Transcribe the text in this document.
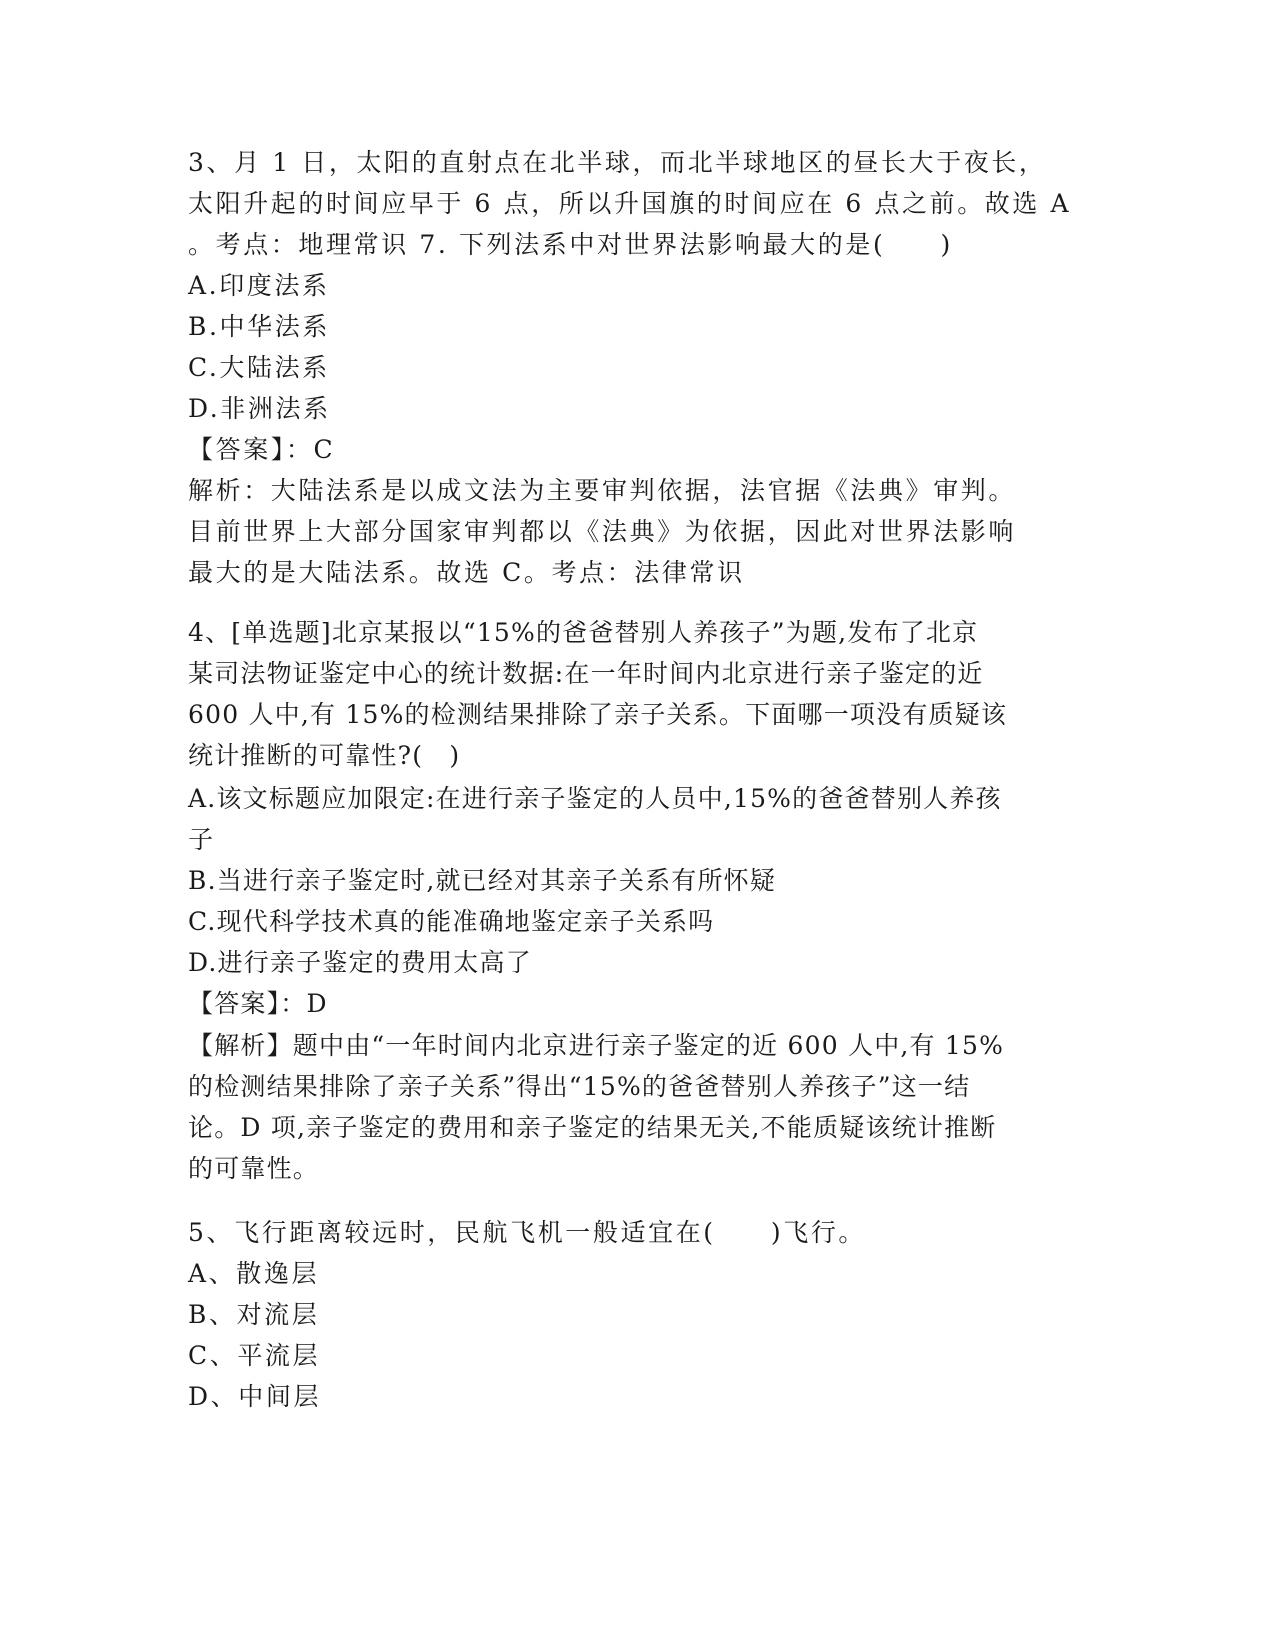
3、月 1 日，太阳的直射点在北半球，而北半球地区的昼长大于夜长，
太阳升起的时间应早于 6 点，所以升国旗的时间应在 6 点之前。故选 A
。考点：地理常识 7. 下列法系中对世界法影响最大的是(　　)
A.印度法系
B.中华法系
C.大陆法系
D.非洲法系
【答案】：C
解析：大陆法系是以成文法为主要审判依据，法官据《法典》审判。
目前世界上大部分国家审判都以《法典》为依据，因此对世界法影响
最大的是大陆法系。故选 C。考点：法律常识
4、[单选题]北京某报以“15%的爸爸替别人养孩子”为题,发布了北京
某司法物证鉴定中心的统计数据:在一年时间内北京进行亲子鉴定的近
600 人中,有 15%的检测结果排除了亲子关系。下面哪一项没有质疑该
统计推断的可靠性?(　)
A.该文标题应加限定:在进行亲子鉴定的人员中,15%的爸爸替别人养孩
子
B.当进行亲子鉴定时,就已经对其亲子关系有所怀疑
C.现代科学技术真的能准确地鉴定亲子关系吗
D.进行亲子鉴定的费用太高了
【答案】：D
【解析】题中由“一年时间内北京进行亲子鉴定的近 600 人中,有 15%
的检测结果排除了亲子关系”得出“15%的爸爸替别人养孩子”这一结
论。D 项,亲子鉴定的费用和亲子鉴定的结果无关,不能质疑该统计推断
的可靠性。
5、飞行距离较远时，民航飞机一般适宜在(　　)飞行。
A、散逸层
B、对流层
C、平流层
D、中间层
